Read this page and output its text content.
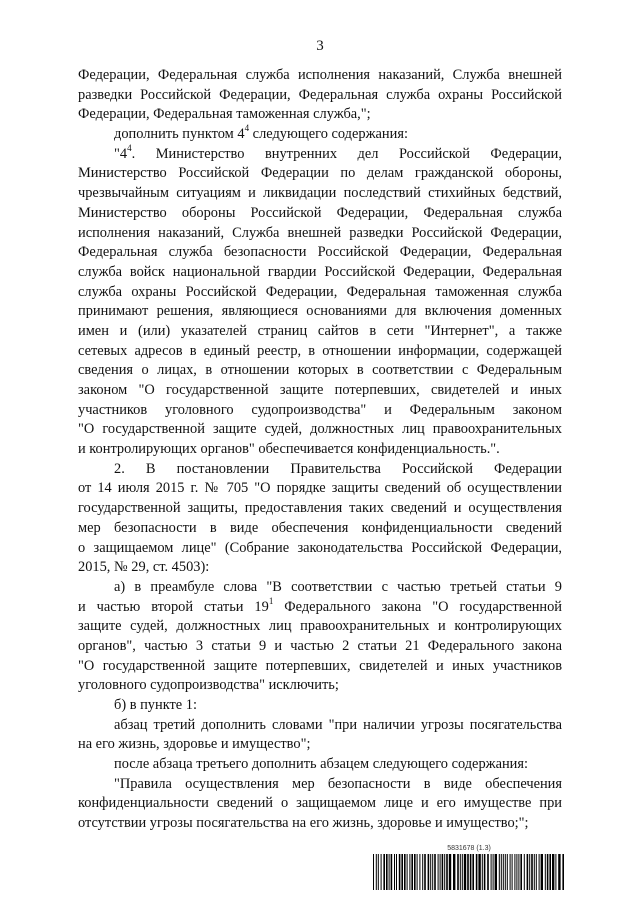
3
Федерации, Федеральная служба исполнения наказаний, Служба внешней
разведки Российской Федерации, Федеральная служба охраны Российской
Федерации, Федеральная таможенная служба,";
дополнить пунктом $4^4$ следующего содержания:
"$4^4$. Министерство внутренних дел Российской Федерации,
Министерство Российской Федерации по делам гражданской обороны,
чрезвычайным ситуациям и ликвидации последствий стихийных бедствий,
Министерство обороны Российской Федерации, Федеральная служба
исполнения наказаний, Служба внешней разведки Российской Федерации,
Федеральная служба безопасности Российской Федерации, Федеральная
служба войск национальной гвардии Российской Федерации, Федеральная
служба охраны Российской Федерации, Федеральная таможенная служба
принимают решения, являющиеся основаниями для включения доменных
имен и (или) указателей страниц сайтов в сети "Интернет", а также
сетевых адресов в единый реестр, в отношении информации, содержащей
сведения о лицах, в отношении которых в соответствии с Федеральным
законом "О государственной защите потерпевших, свидетелей и иных
участников уголовного судопроизводства" и Федеральным законом
"О государственной защите судей, должностных лиц правоохранительных
и контролирующих органов" обеспечивается конфиденциальность.".
2. В постановлении Правительства Российской Федерации
от 14 июля 2015 г. № 705 "О порядке защиты сведений об осуществлении
государственной защиты, предоставления таких сведений и осуществления
мер безопасности в виде обеспечения конфиденциальности сведений
о защищаемом лице" (Собрание законодательства Российской Федерации,
2015, № 29, ст. 4503):
а) в преамбуле слова "В соответствии с частью третьей статьи 9
и частью второй статьи $19^1$ Федерального закона "О государственной
защите судей, должностных лиц правоохранительных и контролирующих
органов", частью 3 статьи 9 и частью 2 статьи 21 Федерального закона
"О государственной защите потерпевших, свидетелей и иных участников
уголовного судопроизводства" исключить;
б) в пункте 1:
абзац третий дополнить словами "при наличии угрозы посягательства
на его жизнь, здоровье и имущество";
после абзаца третьего дополнить абзацем следующего содержания:
"Правила осуществления мер безопасности в виде обеспечения
конфиденциальности сведений о защищаемом лице и его имуществе при
отсутствии угрозы посягательства на его жизнь, здоровье и имущество;";
5831678 (1.3)
